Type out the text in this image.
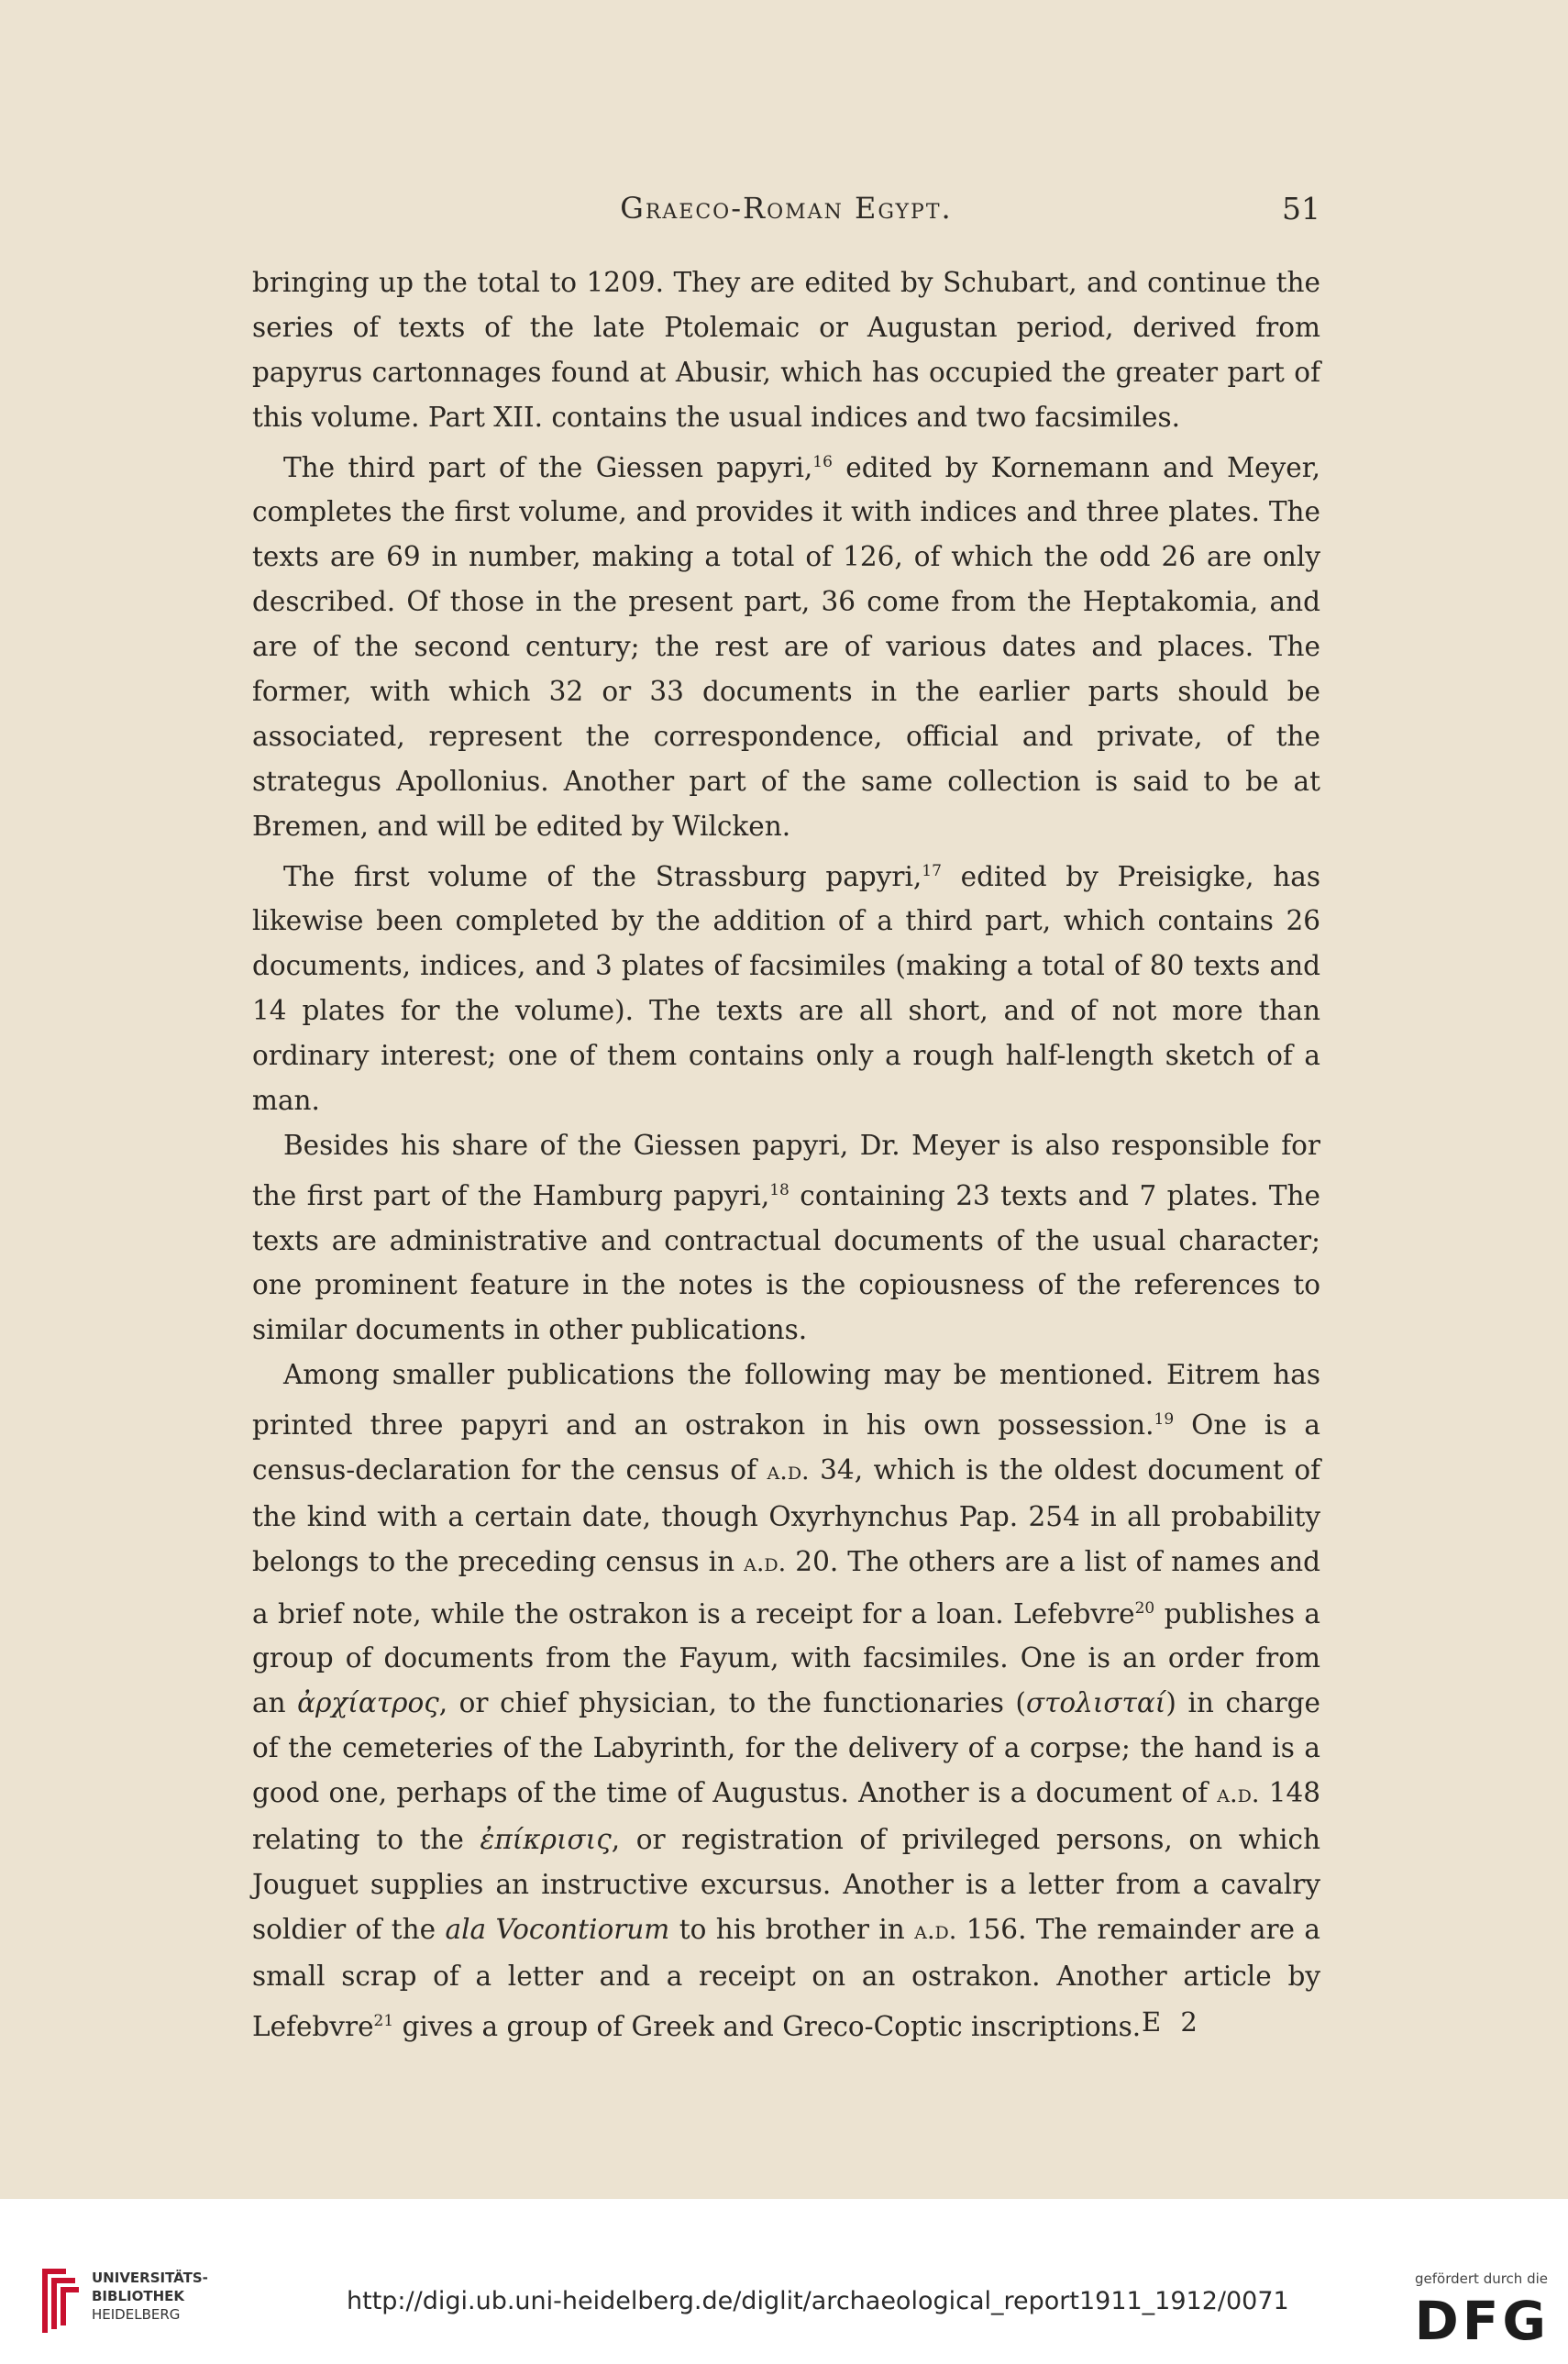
Graeco-Roman Egypt.	51

bringing up the total to 1209. They are edited by Schubart, and continue the series of texts of the late Ptolemaic or Augustan period, derived from papyrus cartonnages found at Abusir, which has occupied the greater part of this volume. Part XII. contains the usual indices and two facsimiles.

The third part of the Giessen papyri,$^{16}$ edited by Kornemann and Meyer, completes the first volume, and provides it with indices and three plates. The texts are 69 in number, making a total of 126, of which the odd 26 are only described. Of those in the present part, 36 come from the Heptakomia, and are of the second century; the rest are of various dates and places. The former, with which 32 or 33 documents in the earlier parts should be associated, represent the correspondence, official and private, of the strategus Apollonius. Another part of the same collection is said to be at Bremen, and will be edited by Wilcken.

The first volume of the Strassburg papyri,$^{17}$ edited by Preisigke, has likewise been completed by the addition of a third part, which contains 26 documents, indices, and 3 plates of facsimiles (making a total of 80 texts and 14 plates for the volume). The texts are all short, and of not more than ordinary interest; one of them contains only a rough half-length sketch of a man.

Besides his share of the Giessen papyri, Dr. Meyer is also responsible for the first part of the Hamburg papyri,$^{18}$ containing 23 texts and 7 plates. The texts are administrative and contractual documents of the usual character; one prominent feature in the notes is the copiousness of the references to similar documents in other publications.

Among smaller publications the following may be mentioned. Eitrem has printed three papyri and an ostrakon in his own possession.$^{19}$ One is a census-declaration for the census of a.d. 34, which is the oldest document of the kind with a certain date, though Oxyrhynchus Pap. 254 in all probability belongs to the preceding census in a.d. 20. The others are a list of names and a brief note, while the ostrakon is a receipt for a loan. Lefebvre$^{20}$ publishes a group of documents from the Fayum, with facsimiles. One is an order from an ἀρχίατρος, or chief physician, to the functionaries (στολισταί) in charge of the cemeteries of the Labyrinth, for the delivery of a corpse; the hand is a good one, perhaps of the time of Augustus. Another is a document of a.d. 148 relating to the ἐπίκρισις, or registration of privileged persons, on which Jouguet supplies an instructive excursus. Another is a letter from a cavalry soldier of the ala Vocontiorum to his brother in a.d. 156. The remainder are a small scrap of a letter and a receipt on an ostrakon. Another article by Lefebvre$^{21}$ gives a group of Greek and Greco-Coptic inscriptions. E 2
UNIVERSITÄTS-
BIBLIOTHEK
HEIDELBERG	http://digi.ub.uni-heidelberg.de/diglit/archaeological_report1911_1912/0071
gefördert durch die
DFG
